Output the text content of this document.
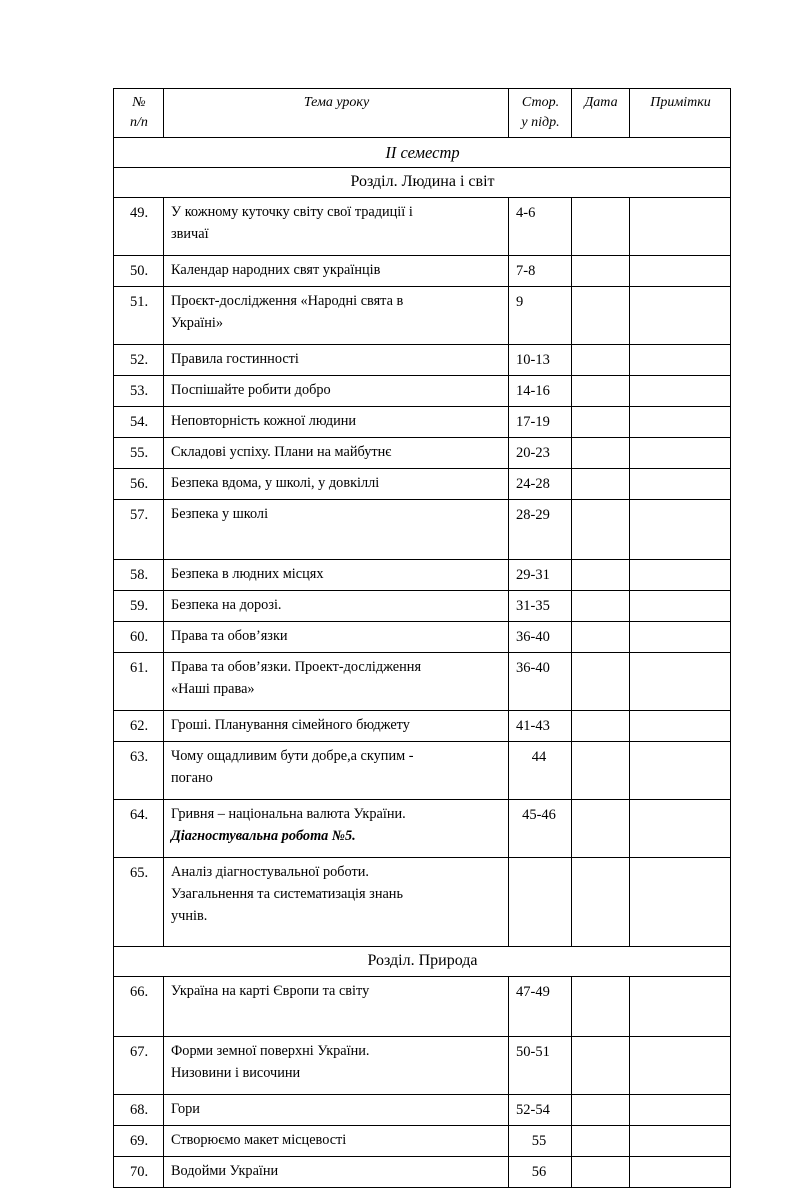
№
п/п	Тема уроку	Стор.
у підр.	Дата	Примітки
II семестр				
Розділ. Людина і світ				
49.	У кожному куточку світу свої традиції і
звичаї	4-6		
50.	Календар народних свят українців	7-8		
51.	Проєкт-дослідження «Народні свята в
Україні»	9		
52.	Правила гостинності	10-13		
53.	Поспішайте робити добро	14-16		
54.	Неповторність кожної людини	17-19		
55.	Складові успіху. Плани на майбутнє	20-23		
56.	Безпека вдома, у школі, у довкіллі	24-28		
57.	Безпека у школі	28-29		
58.	Безпека в людних місцях	29-31		
59.	Безпека на дорозі.	31-35		
60.	Права та обов’язки	36-40		
61.	Права та обов’язки. Проект-дослідження
«Наші права»	36-40		
62.	Гроші. Планування сімейного бюджету	41-43		
63.	Чому ощадливим бути добре,а скупим -
погано	44		
64.	Гривня – національна валюта України.
Діагностувальна робота №5.	45-46		
65.	Аналіз діагностувальної роботи.
Узагальнення та систематизація знань
учнів.			

Розділ. Природа				
66.	Україна на карті Європи та світу	47-49		
67.	Форми земної поверхні України.
Низовини і височини	50-51		
68.	Гори	52-54		
69.	Створюємо макет місцевості	55		
70.	Водойми України	56		
